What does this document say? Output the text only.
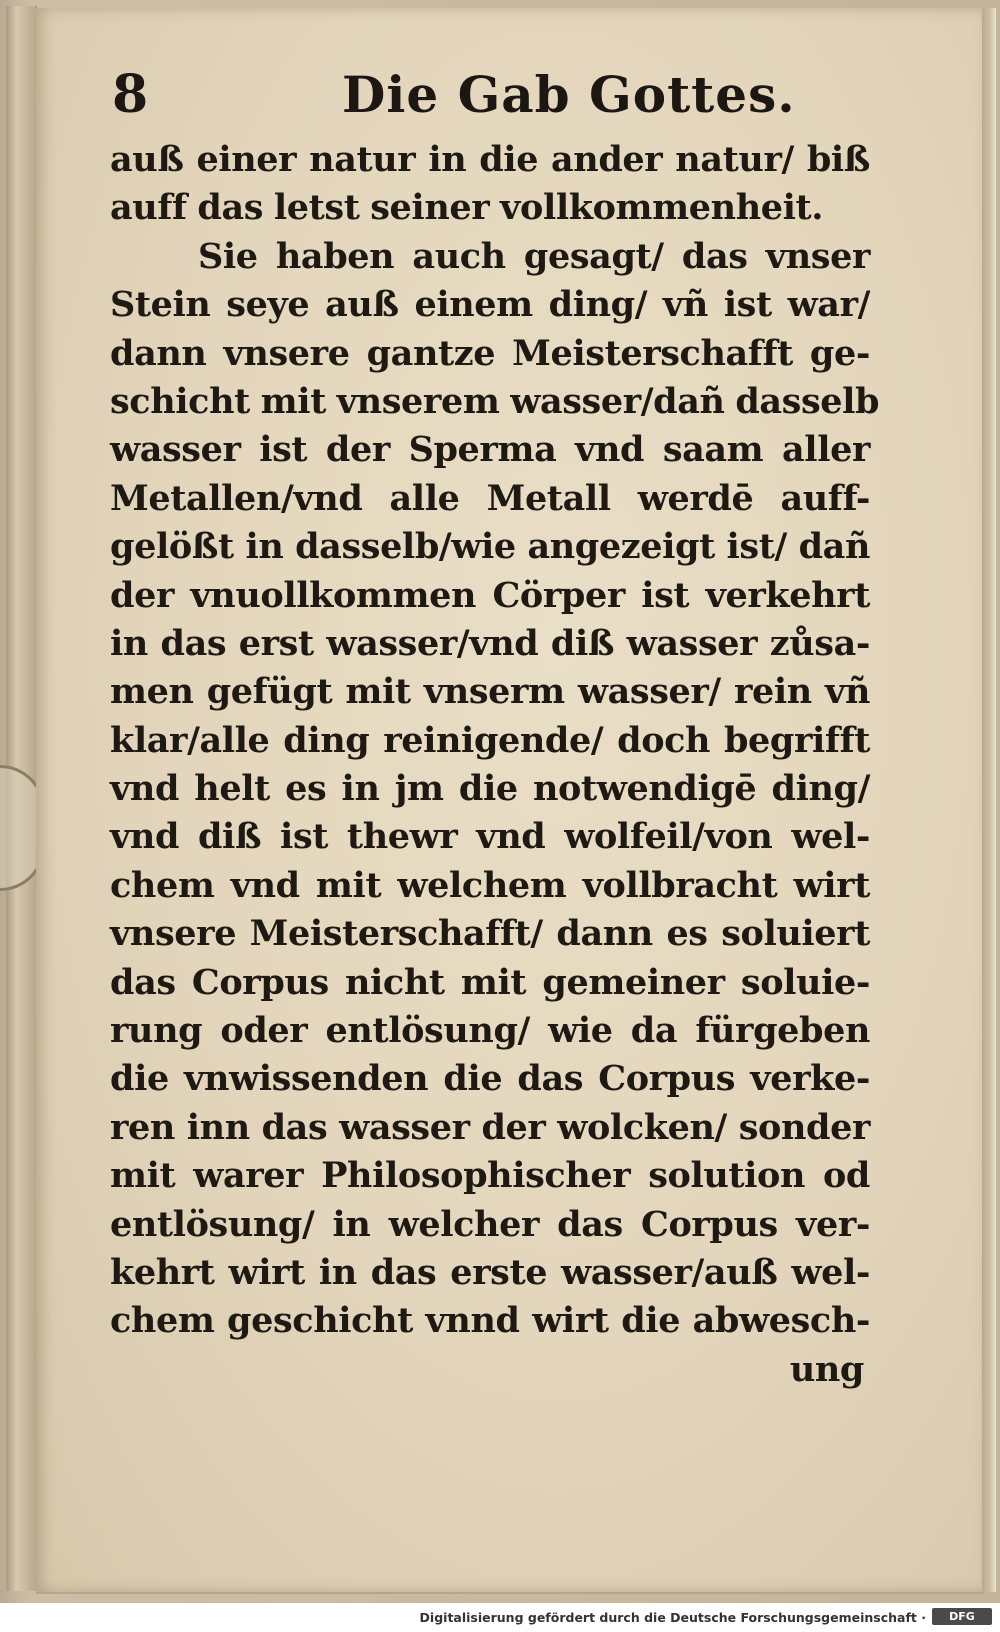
8	Die Gab Gottes.
auß einer natur in die ander natur/ biß
auff das letst seiner vollkommenheit.
Sie haben auch gesagt/ das vnser
Stein seye auß einem ding/ vñ ist war/
dann vnsere gantze Meisterschafft ge-
schicht mit vnserem wasser/dañ dasselb
wasser ist der Sperma vnd saam aller
Metallen/vnd alle Metall werdē auff-
gelößt in dasselb/wie angezeigt ist/ dañ
der vnuollkommen Cörper ist verkehrt
in das erst wasser/vnd diß wasser zůsa-
men gefügt mit vnserm wasser/ rein vñ
klar/alle ding reinigende/ doch begrifft
vnd helt es in jm die notwendigē ding/
vnd diß ist thewr vnd wolfeil/von wel-
chem vnd mit welchem vollbracht wirt
vnsere Meisterschafft/ dann es soluiert
das Corpus nicht mit gemeiner soluie-
rung oder entlösung/ wie da fürgeben
die vnwissenden die das Corpus verke-
ren inn das wasser der wolcken/ sonder
mit warer Philosophischer solution od
entlösung/ in welcher das Corpus ver-
kehrt wirt in das erste wasser/auß wel-
chem geschicht vnnd wirt die abwesch-
ung
Digitalisierung gefördert durch die Deutsche Forschungsgemeinschaft ·	DFG
